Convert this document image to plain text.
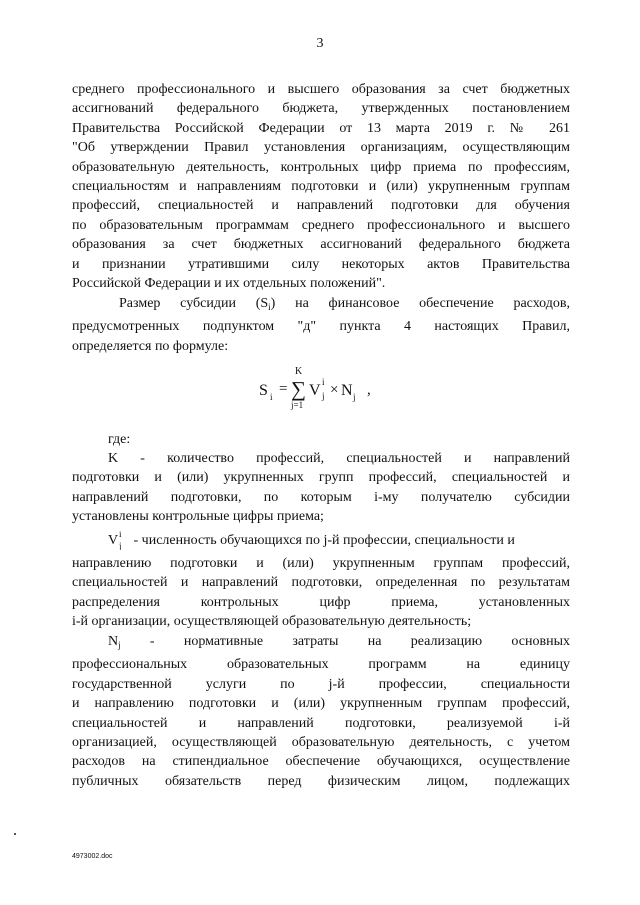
3
среднего профессионального и высшего образования за счет бюджетных
ассигнований федерального бюджета, утвержденных постановлением
Правительства Российской Федерации от 13 марта 2019 г. № 261
"Об утверждении Правил установления организациям, осуществляющим
образовательную деятельность, контрольных цифр приема по профессиям,
специальностям и направлениям подготовки и (или) укрупненным группам
профессий, специальностей и направлений подготовки для обучения
по образовательным программам среднего профессионального и высшего
образования за счет бюджетных ассигнований федерального бюджета
и признании утратившими силу некоторых актов Правительства
Российской Федерации и их отдельных положений".
Размер субсидии $(S_i)$ на финансовое обеспечение расходов,
предусмотренных подпунктом "д" пункта 4 настоящих Правил,
определяется по формуле:
S i =
K
∑
j=1
V i
j × N j ,
где:
K - количество профессий, специальностей и направлений
подготовки и (или) укрупненных групп профессий, специальностей и
направлений подготовки, по которым i-му получателю субсидии
установлены контрольные цифры приема;
V i
j - численность обучающихся по j-й профессии, специальности и
направлению подготовки и (или) укрупненным группам профессий,
специальностей и направлений подготовки, определенная по результатам
распределения контрольных цифр приема, установленных
i-й организации, осуществляющей образовательную деятельность;
$N_j$ - нормативные затраты на реализацию основных
профессиональных образовательных программ на единицу
государственной услуги по j-й профессии, специальности
и направлению подготовки и (или) укрупненным группам профессий,
специальностей и направлений подготовки, реализуемой i-й
организацией, осуществляющей образовательную деятельность, с учетом
расходов на стипендиальное обеспечение обучающихся, осуществление
публичных обязательств перед физическим лицом, подлежащих
4973002.doc
